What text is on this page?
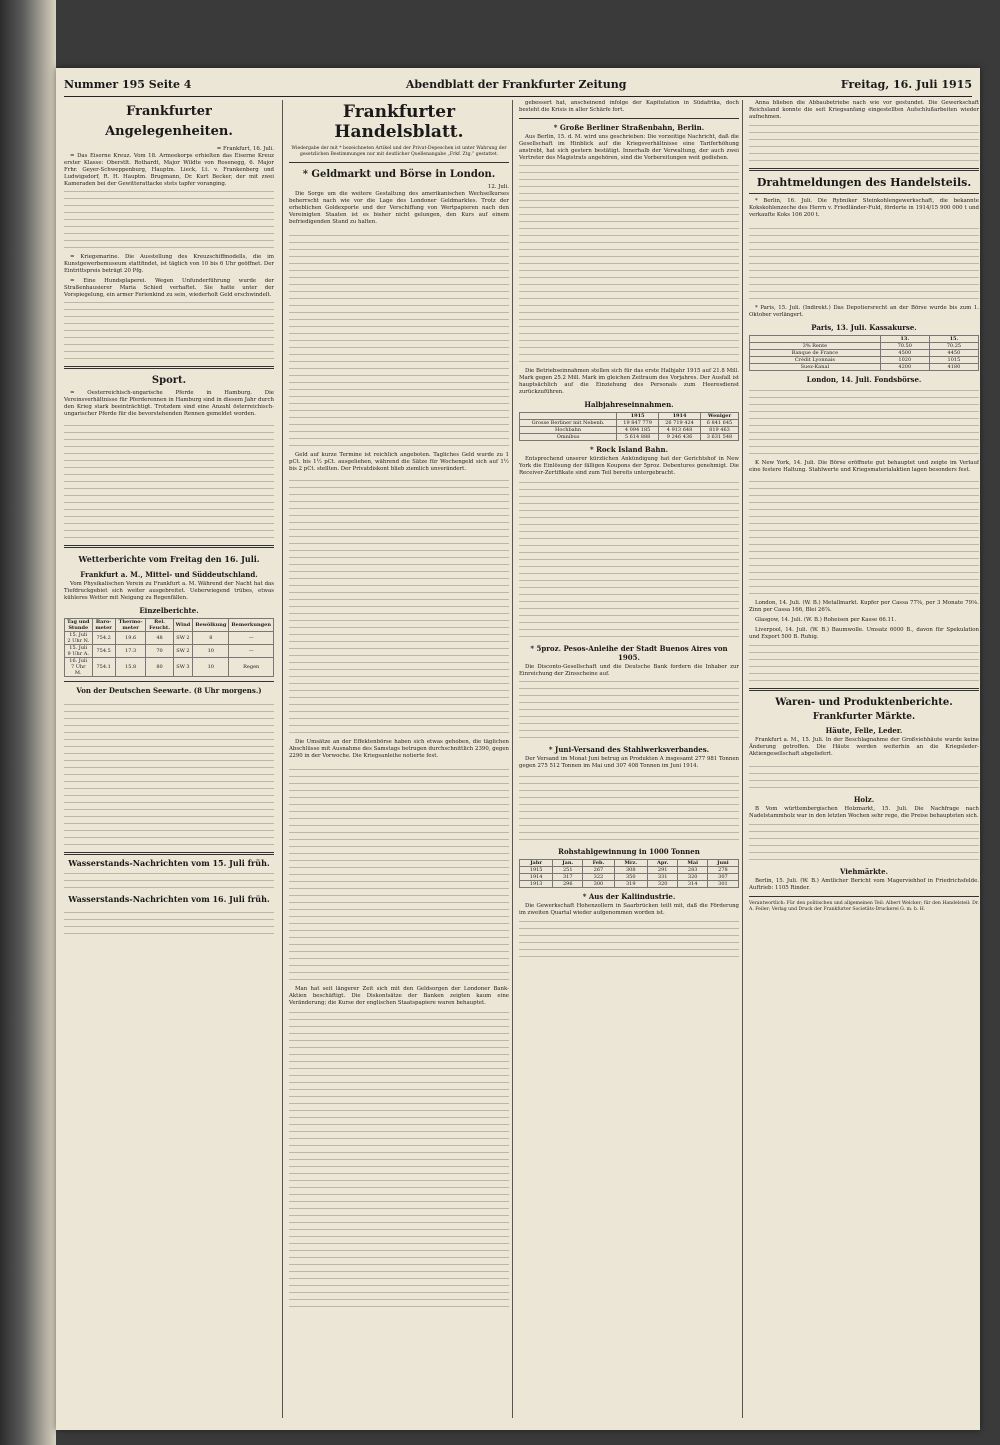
Nummer 195 Seite 4	Abendblatt der Frankfurter Zeitung	Freitag, 16. Juli 1915
Frankfurter Angelegenheiten.
= Frankfurt, 16. Juli.

= Das Eiserne Kreuz. Vom 18. Armeekorps erhielten das Eiserne Kreuz erster Klasse: Oberstlt. Rothardt, Major Wildte von Rosenegg, 6. Major Frhr. Geyer-Schweppenburg, Hauptm. Lieck, Lt. v. Frankenberg und Ludwigsdorf, R. H. Hauptm. Brugmann, Dr. Kurt Becker, der mit zwei Kameraden bei der Gewitterattacke stets tapfer voranging.

= Kriegsmarine. Die Ausstellung des Kreuzschiffmodells, die im Kunstgewerbemuseum stattfindet, ist täglich von 10 bis 6 Uhr geöffnet. Der Eintrittspreis beträgt 20 Pfg.

= Eine Hundsplaperei. Wegen Unfunderführung wurde der Straßenhausierer Maria Schied verhaftet. Sie hatte unter der Vorspiegelung, ein armer Ferienkind zu sein, wiederholt Geld erschwindelt.

Sport.

= Oesterreichisch-ungarische Pferde in Hamburg. Die Vereinsverhältnisse für Pferderennen in Hamburg sind in diesem Jahr durch den Krieg stark beeinträchtigt. Trotzdem sind eine Anzahl österreichisch-ungarischer Pferde für die bevorstehenden Rennen gemeldet worden.

Wetterberichte vom Freitag den 16. Juli.
Frankfurt a. M., Mittel- und Süddeutschland.

Vom Physikalischen Verein zu Frankfurt a. M. Während der Nacht hat das Tiefdruckgebiet sich weiter ausgebreitet. Ueberwiegend trübes, etwas kühleres Wetter mit Neigung zu Regenfällen.

Einzelberichte.
Tag und Stunde	Baro-meter	Thermo-meter	Rel. Feucht.	Wind	Bewölkung	Bemerkungen
15. Juli 2 Uhr N.	754.2	19.6	48	SW 2	8	—
15. Juli 9 Uhr A.	754.5	17.3	70	SW 2	10	—
16. Juli 7 Uhr M.	754.1	15.8	80	SW 3	10	Regen
Von der Deutschen Seewarte. (8 Uhr morgens.)
Wasserstands-Nachrichten vom 15. Juli früh.
Wasserstands-Nachrichten vom 16. Juli früh.
Frankfurter Handelsblatt.
Wiedergabe der mit * bezeichneten Artikel und der Privat-Depeschen ist unter Wahrung der gesetzlichen Bestimmungen nur mit deutlicher Quellenangabe „Frkf. Ztg.“ gestattet.
* Geldmarkt und Börse in London.
12. Juli.

Die Sorge um die weitere Gestaltung des amerikanischen Wechselkurses beherrscht nach wie vor die Lage des Londoner Geldmarktes. Trotz der erheblichen Goldexporte und der Verschiffung von Wertpapieren nach den Vereinigten Staaten ist es bisher nicht gelungen, den Kurs auf einem befriedigenden Stand zu halten.

Geld auf kurze Termine ist reichlich angeboten. Tagliches Geld wurde zu 1 pCt. bis 1½ pCt. ausgeliehen, während die Sätze für Wochengeld sich auf 1½ bis 2 pCt. stellten. Der Privatdiskont blieb ziemlich unverändert.

Die Umsätze an der Effektenbörse haben sich etwas gehoben, die täglichen Abschlüsse mit Ausnahme des Samstags betrugen durchschnittlich 2390, gegen 2290 in der Vorwoche. Die Kriegsanleihe notierte fest.

Man hat seit längerer Zeit sich mit den Geldsorgen der Londoner Bank-Aktien beschäftigt. Die Diskontsätze der Banken zeigten kaum eine Veränderung; die Kurse der englischen Staatspapiere waren behauptet.

gebessert hat, anscheinend infolge der Kapitulation in Südafrika, doch besteht die Krisis in aller Schärfe fort.

* Große Berliner Straßenbahn, Berlin.

Aus Berlin, 15. d. M. wird uns geschrieben: Die vorzeitige Nachricht, daß die Gesellschaft im Hinblick auf die Kriegsverhältnisse eine Tariferhöhung anstrebt, hat sich gestern bestätigt. Innerhalb der Verwaltung, der auch zwei Vertreter des Magistrats angehören, sind die Vorbereitungen weit gediehen.

Die Betriebseinnahmen stellen sich für das erste Halbjahr 1915 auf 21.8 Mill. Mark gegen 25.2 Mill. Mark im gleichen Zeitraum des Vorjahres. Der Ausfall ist hauptsächlich auf die Einziehung des Personals zum Heeresdienst zurückzuführen.

Halbjahreseinnahmen.
	1915	1914	Weniger
Grosse Berliner mit Nebenb.	19 847 779	26 719 424	6 841 645
Hochbahn	4 094 185	4 913 648	819 463
Omnibus	5 614 888	9 246 436	3 631 548
* Rock Island Bahn.

Entsprechend unserer kürzlichen Ankündigung hat der Gerichtshof in New York die Einlösung der fälligen Koupons der 5proz. Debentures genehmigt. Die Receiver-Zertifikate sind zum Teil bereits untergebracht.

* 5proz. Pesos-Anleihe der Stadt Buenos Aires von 1905.

Die Disconto-Gesellschaft und die Deutsche Bank fordern die Inhaber zur Einreichung der Zinsscheine auf.

* Juni-Versand des Stahlwerksverbandes.

Der Versand im Monat Juni betrug an Produkten A insgesamt 277 981 Tonnen gegen 275 512 Tonnen im Mai und 307 408 Tonnen im Juni 1914.

Rohstahlgewinnung in 1000 Tonnen
Jahr	Jan.	Feb.	Mrz.	Apr.	Mai	Juni
1915	251	267	308	291	283	278
1914	317	322	350	331	320	307
1913	296	300	319	320	314	301
* Aus der Kaliindustrie.

Die Gewerkschaft Hohenzollern in Saarbrücken teilt mit, daß die Förderung im zweiten Quartal wieder aufgenommen worden ist.

Anna blieben die Abbaubetriebe nach wie vor gestundet. Die Gewerkschaft Reichsland konnte die seit Kriegsanfang eingestellten Aufschlußarbeiten wieder aufnehmen.

Drahtmeldungen des Handelsteils.

* Berlin, 16. Juli. Die Rybniker Steinkohlengewerkschaft, die bekannte Kokskohlenzeche des Herrn v. Friedländer-Fuld, förderte in 1914/15 900 000 t und verkaufte Koks 106 200 t.

* Paris, 15. Juli. (Indirekt.) Das Depotiersrecht an der Börse wurde bis zum 1. Oktober verlängert.

Paris, 13. Juli. Kassakurse.
	13.	15.
3% Rente	70.50	70.25
Banque de France	4500	4450
Crédit Lyonnais	1020	1015
Suez-Kanal	4200	4180
London, 14. Juli. Fondsbörse.

K New York, 14. Juli. Die Börse eröffnete gut behauptet und zeigte im Verlauf eine festere Haltung. Stahlwerte und Kriegsmaterialaktien lagen besonders fest.

London, 14. Juli. (W. B.) Metallmarkt. Kupfer per Cassa 77⅝, per 3 Monate 79⅛. Zinn per Cassa 166, Blei 26⅞.

Glasgow, 14. Juli. (W. B.) Roheisen per Kasse 66.11.

Liverpool, 14. Juli. (W. B.) Baumwolle. Umsatz 6000 B., davon für Spekulation und Export 500 B. Ruhig.

Waren- und Produktenberichte.
Frankfurter Märkte.
Häute, Felle, Leder.

Frankfurt a. M., 15. Juli. In der Beschlagnahme der Großviehhäute wurde keine Änderung getroffen. Die Häute werden weiterhin an die Kriegsleder-Aktiengesellschaft abgeliefert.

Holz.

B Vom württembergischen Holzmarkt, 15. Juli. Die Nachfrage nach Nadelstammholz war in den letzten Wochen sehr rege, die Preise behaupteten sich.

Viehmärkte.

Berlin, 15. Juli. (W. B.) Amtlicher Bericht vom Magerviehhof in Friedrichsfelde. Auftrieb: 1105 Rinder.

Verantwortlich: Für den politischen und allgemeinen Teil: Albert Welcker; für den Handelsteil: Dr. A. Feiler; Verlag und Druck der Frankfurter Societäts-Druckerei G. m. b. H.
